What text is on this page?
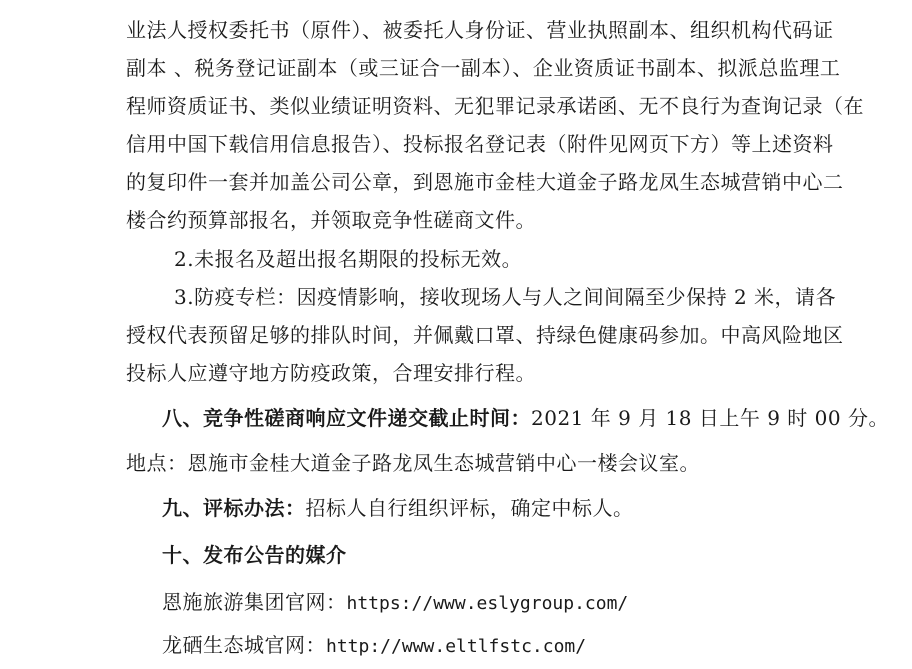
业法人授权委托书（原件）、被委托人身份证、营业执照副本、组织机构代码证
副本 、税务登记证副本（或三证合一副本）、企业资质证书副本、拟派总监理工
程师资质证书、类似业绩证明资料、无犯罪记录承诺函、无不良行为查询记录（在
信用中国下载信用信息报告）、投标报名登记表（附件见网页下方）等上述资料
的复印件一套并加盖公司公章，到恩施市金桂大道金子路龙凤生态城营销中心二
楼合约预算部报名，并领取竞争性磋商文件。
2.未报名及超出报名期限的投标无效。
3.防疫专栏：因疫情影响，接收现场人与人之间间隔至少保持 2 米，请各
授权代表预留足够的排队时间，并佩戴口罩、持绿色健康码参加。中高风险地区
投标人应遵守地方防疫政策，合理安排行程。
八、竞争性磋商响应文件递交截止时间：2021 年 9 月 18 日上午 9 时 00 分。
地点：恩施市金桂大道金子路龙凤生态城营销中心一楼会议室。
九、评标办法：招标人自行组织评标，确定中标人。
十、发布公告的媒介
恩施旅游集团官网：https://www.eslygroup.com/
龙硒生态城官网：http://www.eltlfstc.com/
